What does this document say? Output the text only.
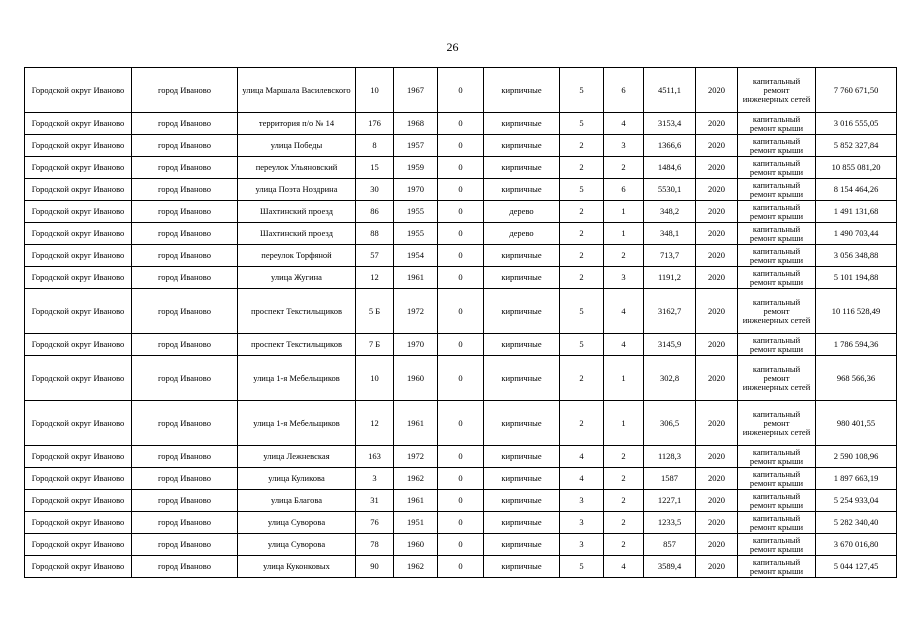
26
Городской округ Иваново	город Иваново	улица Маршала Василевского	10	1967	0	кирпичные	5	6	4511,1	2020	капитальный ремонт инженерных сетей	7 760 671,50
Городской округ Иваново	город Иваново	территория п/о № 14	176	1968	0	кирпичные	5	4	3153,4	2020	капитальный ремонт крыши	3 016 555,05
Городской округ Иваново	город Иваново	улица Победы	8	1957	0	кирпичные	2	3	1366,6	2020	капитальный ремонт крыши	5 852 327,84
Городской округ Иваново	город Иваново	переулок Ульяновский	15	1959	0	кирпичные	2	2	1484,6	2020	капитальный ремонт крыши	10 855 081,20
Городской округ Иваново	город Иваново	улица Поэта Ноздрина	30	1970	0	кирпичные	5	6	5530,1	2020	капитальный ремонт крыши	8 154 464,26
Городской округ Иваново	город Иваново	Шахтинский проезд	86	1955	0	дерево	2	1	348,2	2020	капитальный ремонт крыши	1 491 131,68
Городской округ Иваново	город Иваново	Шахтинский проезд	88	1955	0	дерево	2	1	348,1	2020	капитальный ремонт крыши	1 490 703,44
Городской округ Иваново	город Иваново	переулок Торфяной	57	1954	0	кирпичные	2	2	713,7	2020	капитальный ремонт крыши	3 056 348,88
Городской округ Иваново	город Иваново	улица Жугина	12	1961	0	кирпичные	2	3	1191,2	2020	капитальный ремонт крыши	5 101 194,88
Городской округ Иваново	город Иваново	проспект Текстильщиков	5 Б	1972	0	кирпичные	5	4	3162,7	2020	капитальный ремонт инженерных сетей	10 116 528,49
Городской округ Иваново	город Иваново	проспект Текстильщиков	7 Б	1970	0	кирпичные	5	4	3145,9	2020	капитальный ремонт крыши	1 786 594,36
Городской округ Иваново	город Иваново	улица 1-я Мебельщиков	10	1960	0	кирпичные	2	1	302,8	2020	капитальный ремонт инженерных сетей	968 566,36
Городской округ Иваново	город Иваново	улица 1-я Мебельщиков	12	1961	0	кирпичные	2	1	306,5	2020	капитальный ремонт инженерных сетей	980 401,55
Городской округ Иваново	город Иваново	улица Лежневская	163	1972	0	кирпичные	4	2	1128,3	2020	капитальный ремонт крыши	2 590 108,96
Городской округ Иваново	город Иваново	улица Куликова	3	1962	0	кирпичные	4	2	1587	2020	капитальный ремонт крыши	1 897 663,19
Городской округ Иваново	город Иваново	улица Благова	31	1961	0	кирпичные	3	2	1227,1	2020	капитальный ремонт крыши	5 254 933,04
Городской округ Иваново	город Иваново	улица Суворова	76	1951	0	кирпичные	3	2	1233,5	2020	капитальный ремонт крыши	5 282 340,40
Городской округ Иваново	город Иваново	улица Суворова	78	1960	0	кирпичные	3	2	857	2020	капитальный ремонт крыши	3 670 016,80
Городской округ Иваново	город Иваново	улица Куконковых	90	1962	0	кирпичные	5	4	3589,4	2020	капитальный ремонт крыши	5 044 127,45
